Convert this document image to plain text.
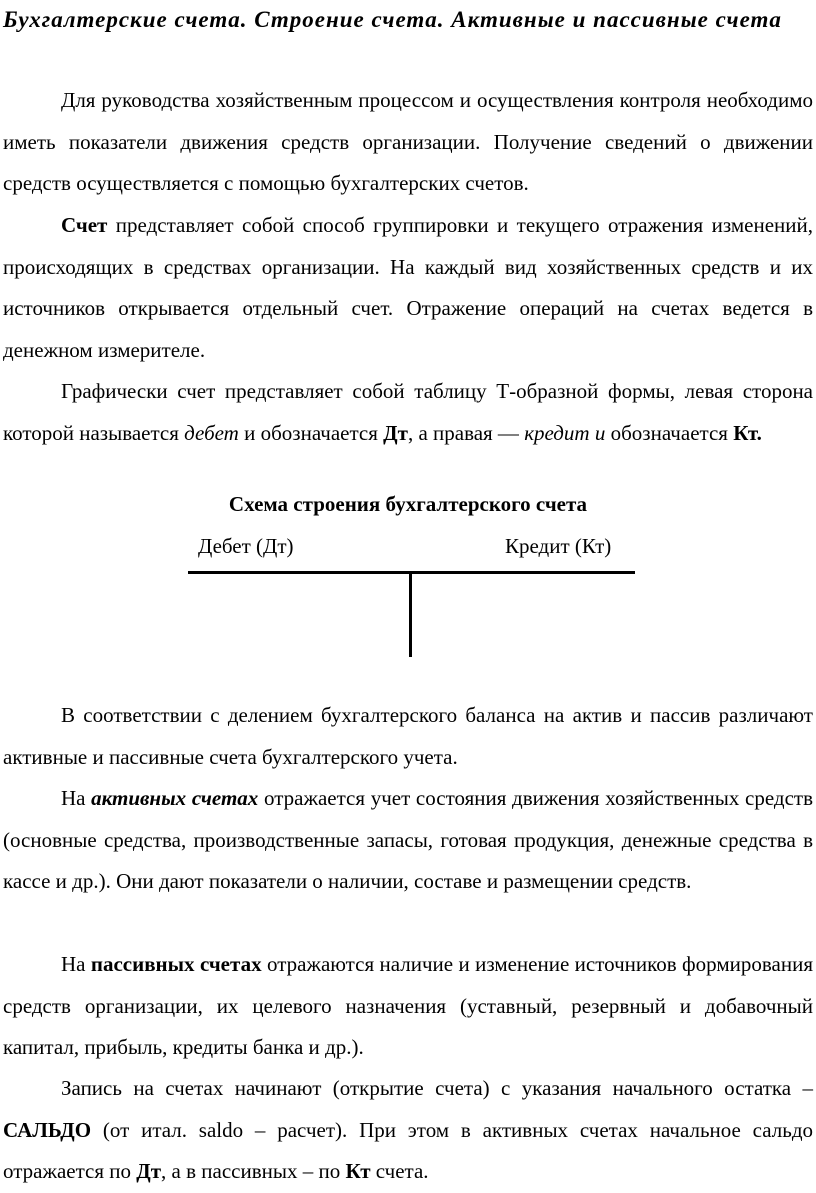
Бухгалтерские счета. Строение счета. Активные и пассивные счета

Для руководства хозяйственным процессом и осуществления контроля необходимо иметь показатели движения средств организации. Получение сведений о движении средств осуществляется с помощью бухгалтерских счетов.

Счет представляет собой способ группировки и текущего отражения изменений, происходящих в средствах организации. На каждый вид хозяйственных средств и их источников открывается отдельный счет. Отражение операций на счетах ведется в денежном измерителе.

Графически счет представляет собой таблицу Т-образной формы, левая сторона которой называется дебет и обозначается Дт, а правая — кредит и обозначается Кт.

Схема строения бухгалтерского счета
Дебет (Дт)	Кредит (Кт)

В соответствии с делением бухгалтерского баланса на актив и пассив различают активные и пассивные счета бухгалтерского учета.

На активных счетах отражается учет состояния движения хозяйственных средств (основные средства, производственные запасы, готовая продукция, денежные средства в кассе и др.). Они дают показатели о наличии, составе и размещении средств.

На пассивных счетах отражаются наличие и изменение источников формирования средств организации, их целевого назначения (уставный, резервный и добавочный капитал, прибыль, кредиты банка и др.).

Запись на счетах начинают (открытие счета) с указания начального остатка – САЛЬДО (от итал. saldo – расчет). При этом в активных счетах начальное сальдо отражается по Дт, а в пассивных – по Кт счета.
